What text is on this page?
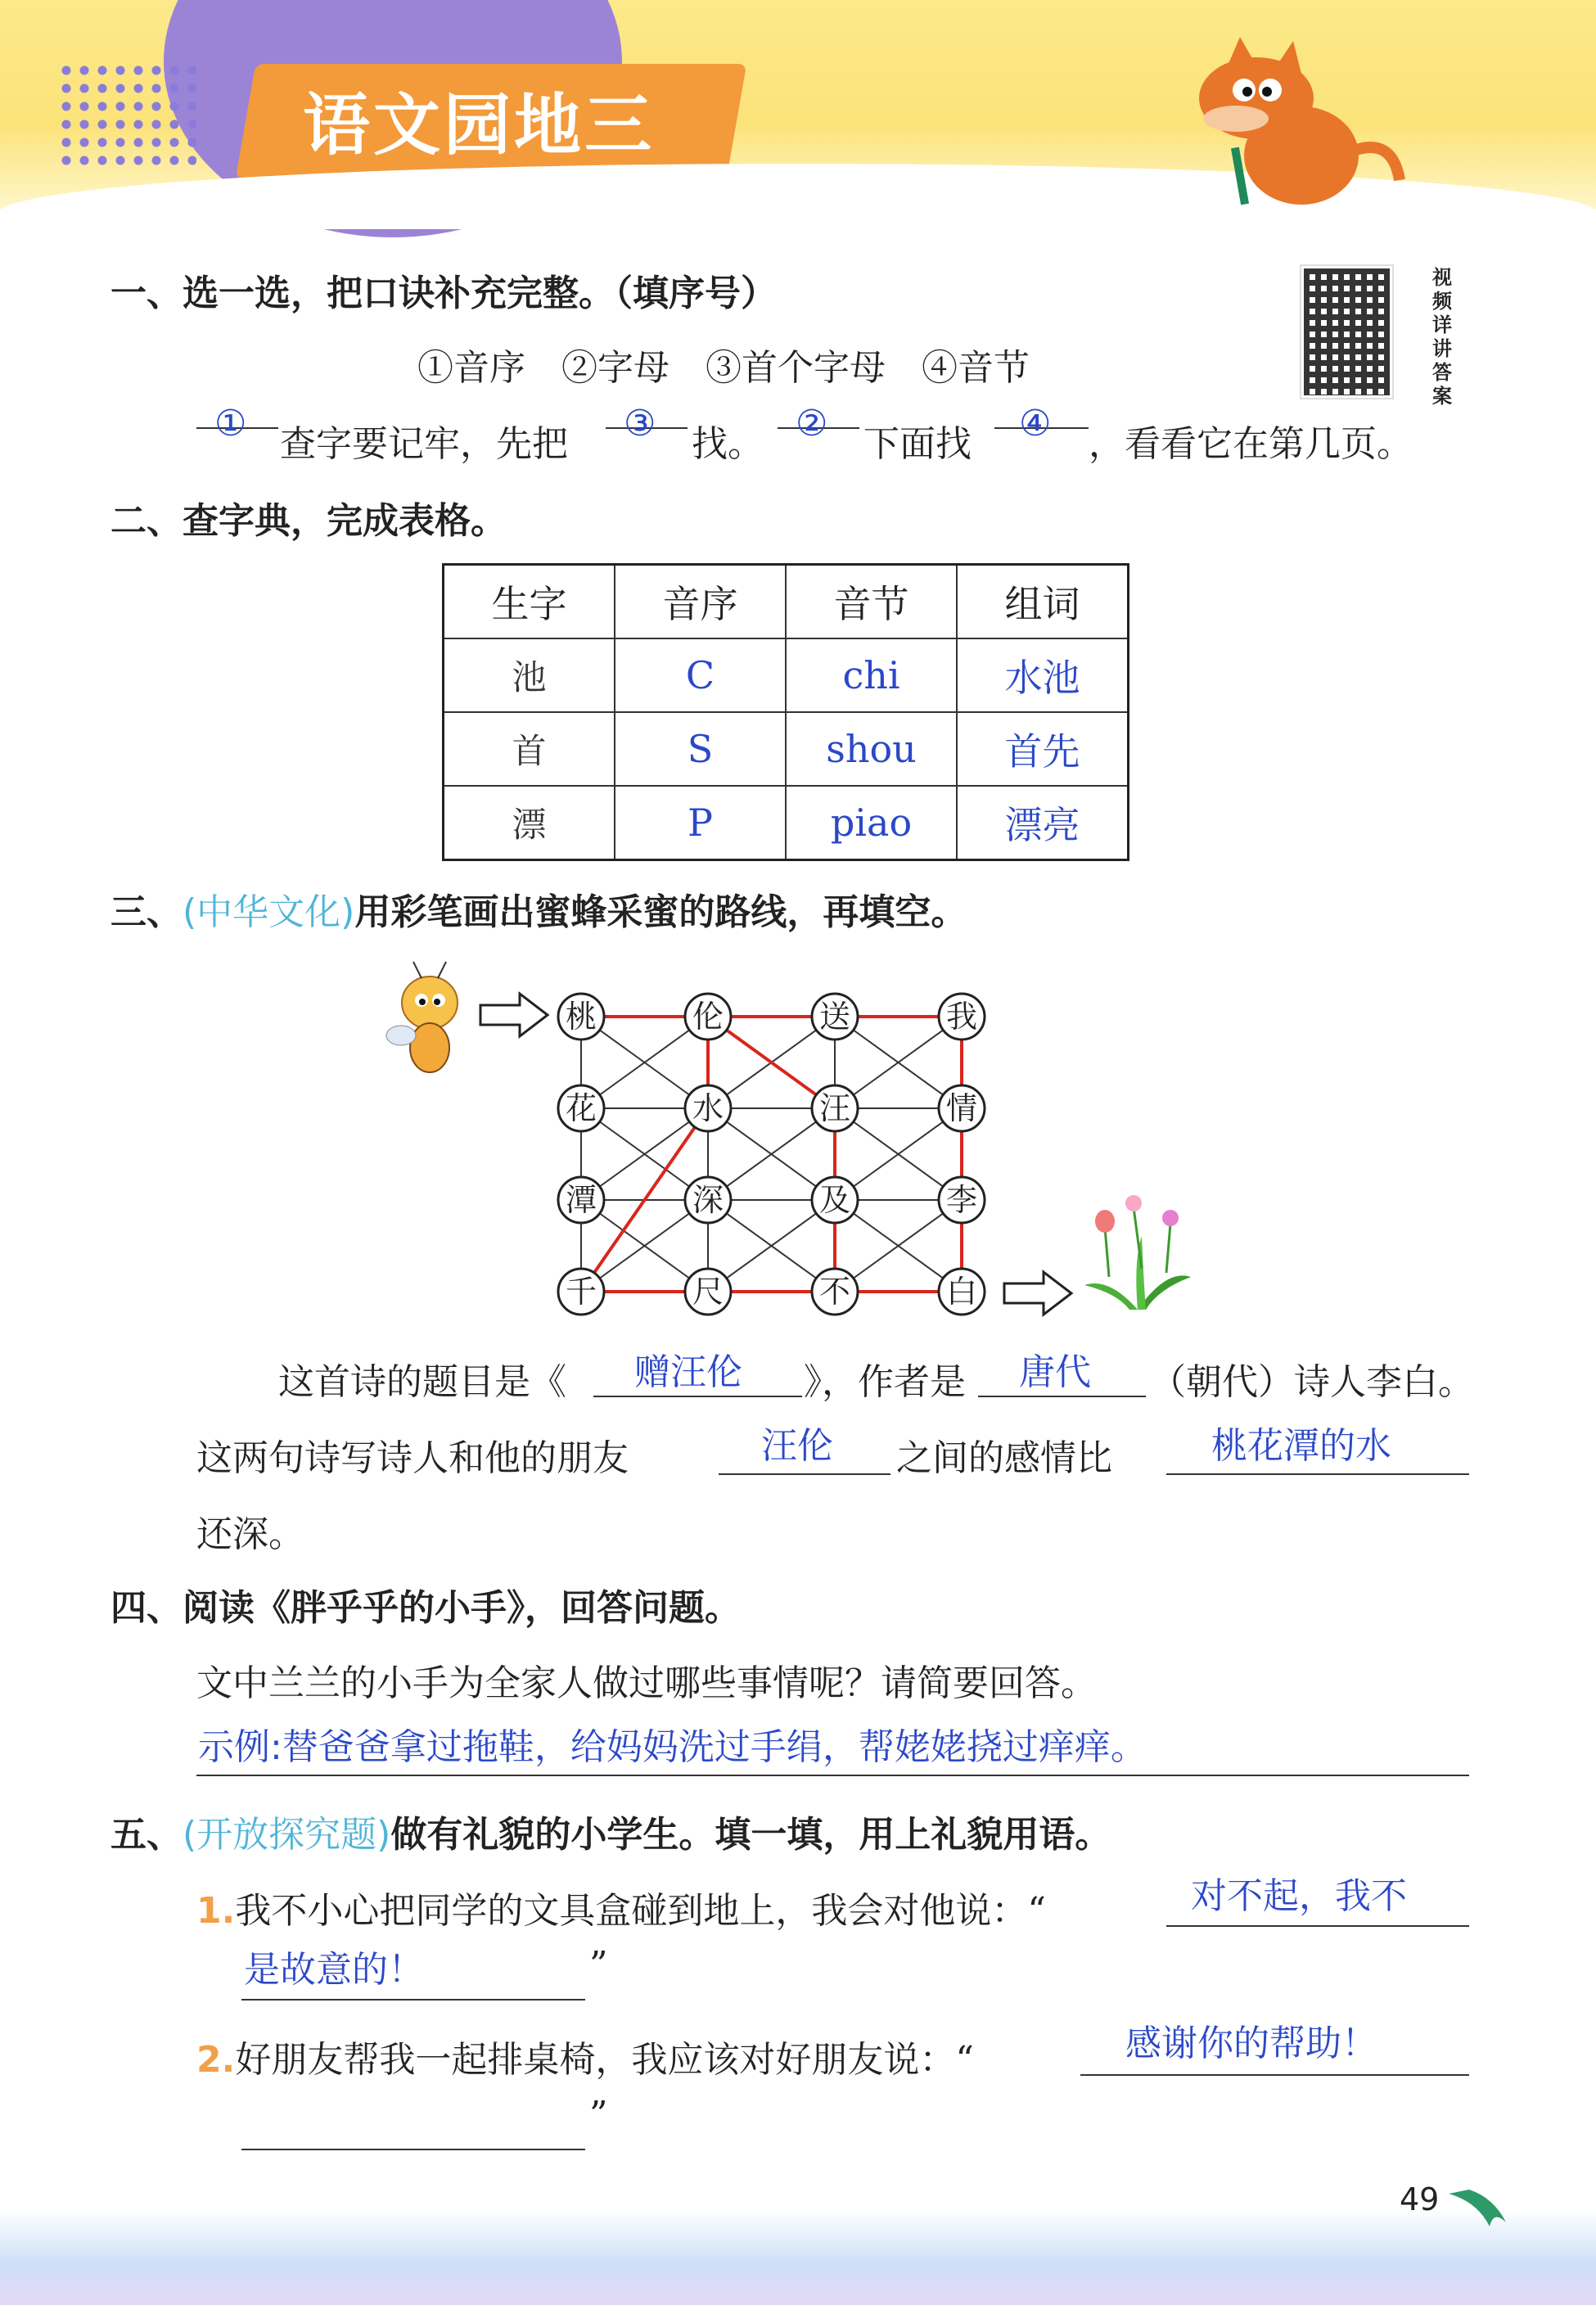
语文园地三
视频详讲答案
一、选一选，把口诀补充完整。（填序号）
①音序　②字母　③首个字母　④音节
① 查字要记牢，先把 ③ 找。 ② 下面找 ④ ，看看它在第几页。
二、查字典，完成表格。
生字	音序	音节	组词
池	C	chi	水池
首	S	shou	首先
漂	P	piao	漂亮
三、(中华文化)用彩笔画出蜜蜂采蜜的路线，再填空。
桃	伦	送	我
花	水	汪	情
潭	深	及	李
千	尺	不	白
这首诗的题目是《 赠汪伦 》，作者是 唐代 （朝代）诗人李白。
这两句诗写诗人和他的朋友	汪伦 之间的感情比	桃花潭的水
还深。
四、阅读《胖乎乎的小手》，回答问题。
文中兰兰的小手为全家人做过哪些事情呢？请简要回答。
示例:替爸爸拿过拖鞋，给妈妈洗过手绢，帮姥姥挠过痒痒。
五、(开放探究题)做有礼貌的小学生。填一填，用上礼貌用语。
1.我不小心把同学的文具盒碰到地上，我会对他说：“	对不起，我不
是故意的！	”
2.好朋友帮我一起排桌椅，我应该对好朋友说：“	感谢你的帮助！
”
49
